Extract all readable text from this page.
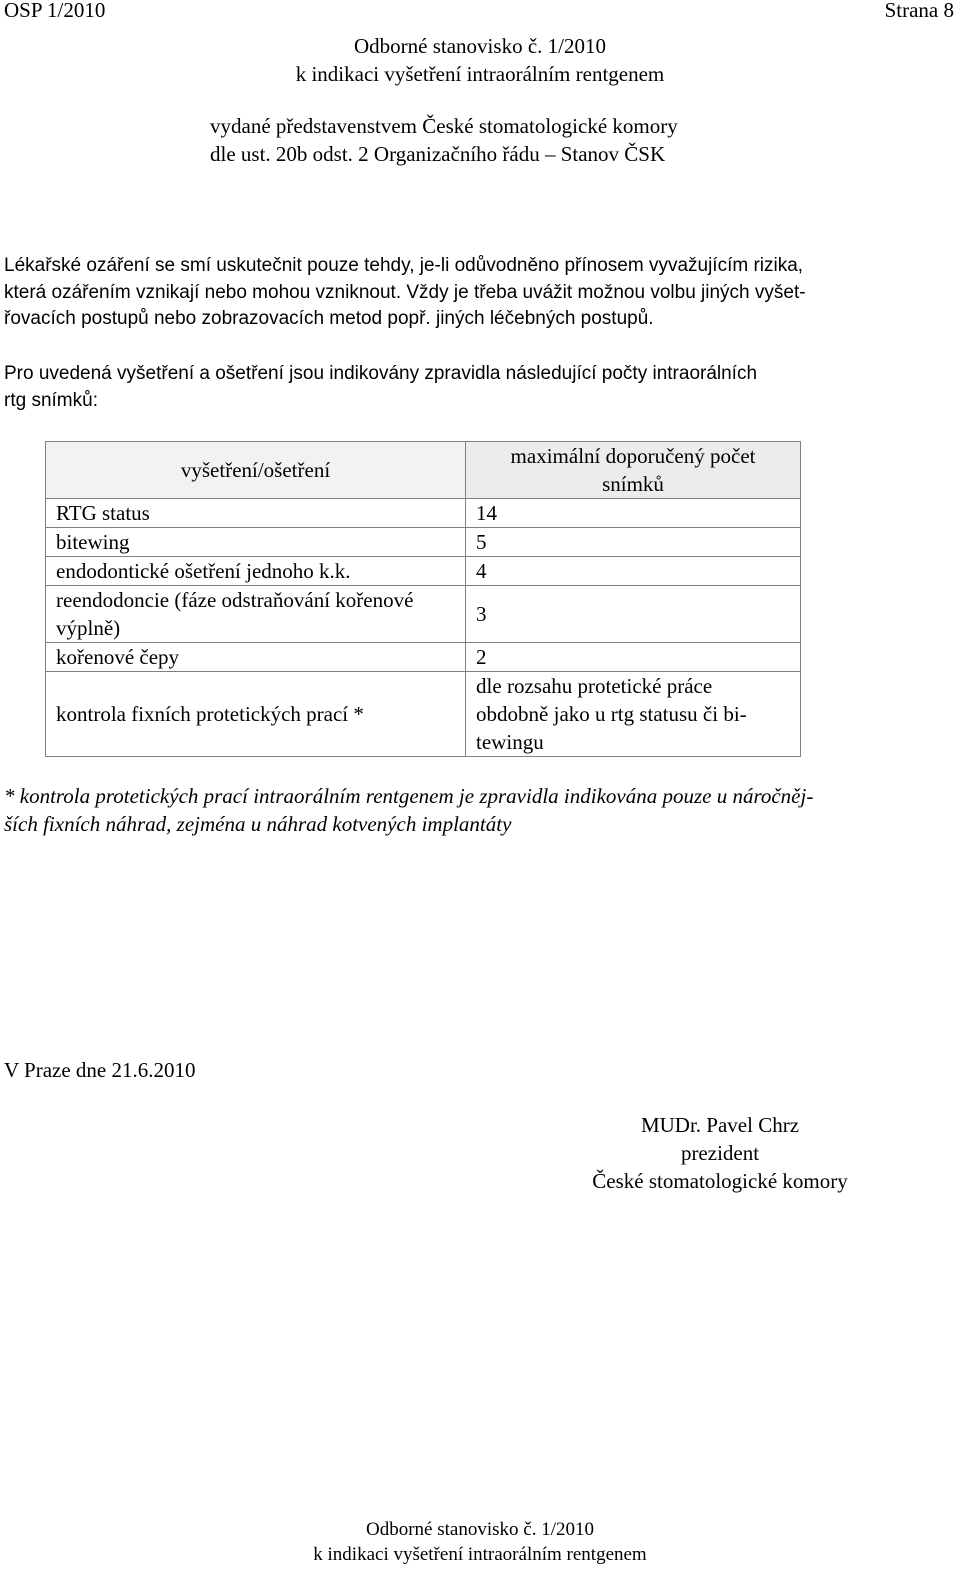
OSP 1/2010	Strana 8
Odborné stanovisko č. 1/2010
k indikaci vyšetření intraorálním rentgenem
vydané představenstvem České stomatologické komory
dle ust. 20b odst. 2 Organizačního řádu – Stanov ČSK
Lékařské ozáření se smí uskutečnit pouze tehdy, je-li odůvodněno přínosem vyvažujícím rizika,
která ozářením vznikají nebo mohou vzniknout. Vždy je třeba uvážit možnou volbu jiných vyšet-
řovacích postupů nebo zobrazovacích metod popř. jiných léčebných postupů.
Pro uvedená vyšetření a ošetření jsou indikovány zpravidla následující počty intraorálních
rtg snímků:
vyšetření/ošetření	maximální doporučený počet
snímků

RTG status	14
bitewing	5
endodontické ošetření jednoho k.k.	4

reendodoncie (fáze odstraňování kořenové
výplně)	3
kořenové čepy	2
kontrola fixních protetických prací *	dle rozsahu protetické práce
obdobně jako u rtg statusu či bi-
tewingu
* kontrola protetických prací intraorálním rentgenem je zpravidla indikována pouze u náročněj-
ších fixních náhrad, zejména u náhrad kotvených implantáty
V Praze dne 21.6.2010
MUDr. Pavel Chrz
prezident
České stomatologické komory
Odborné stanovisko č. 1/2010
k indikaci vyšetření intraorálním rentgenem
